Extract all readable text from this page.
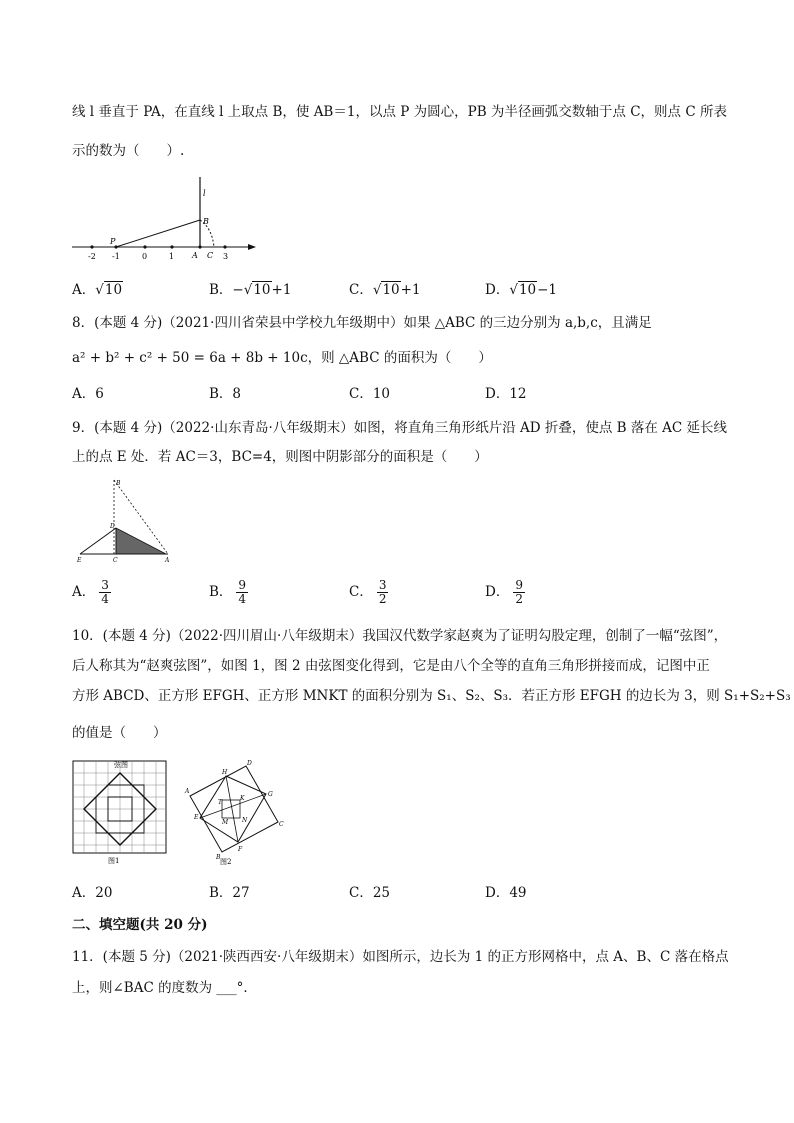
线 l 垂直于 PA，在直线 l 上取点 B，使 AB＝1，以点 P 为圆心，PB 为半径画弧交数轴于点 C，则点 C 所表
示的数为（　　）.
l
B
P
A C
-2 -1	0	1	3
A．√10	B．−√10+1	C．√10+1	D．√10−1
8．(本题 4 分)（2021·四川省荣县中学校九年级期中）如果 △ABC 的三边分别为 a,b,c，且满足
a² + b² + c² + 50 = 6a + 8b + 10c，则 △ABC 的面积为（　　）
A．6	B．8	C．10	D．12
9．(本题 4 分)（2022·山东青岛·八年级期末）如图，将直角三角形纸片沿 AD 折叠，使点 B 落在 AC 延长线
上的点 E 处．若 AC＝3，BC=4，则图中阴影部分的面积是（　　）
B
D
E	C	A
A． $\frac{3}{4}$	B． $\frac{9}{4}$	C． $\frac{3}{2}$	D． $\frac{9}{2}$
10．(本题 4 分)（2022·四川眉山·八年级期末）我国汉代数学家赵爽为了证明勾股定理，创制了一幅“弦图”，
后人称其为“赵爽弦图”，如图 1，图 2 由弦图变化得到，它是由八个全等的直角三角形拼接而成，记图中正
方形 ABCD、正方形 EFGH、正方形 MNKT 的面积分别为 S₁、S₂、S₃．若正方形 EFGH 的边长为 3，则 S₁+S₂+S₃
的值是（　　）
弦图
图1
D
A
C
B
H
G
F
E
T
K
M N
图2
A．20	B．27	C．25	D．49
二、填空题(共 20 分)
11．(本题 5 分)（2021·陕西西安·八年级期末）如图所示，边长为 1 的正方形网格中，点 A、B、C 落在格点
上，则∠BAC 的度数为 ___°．
